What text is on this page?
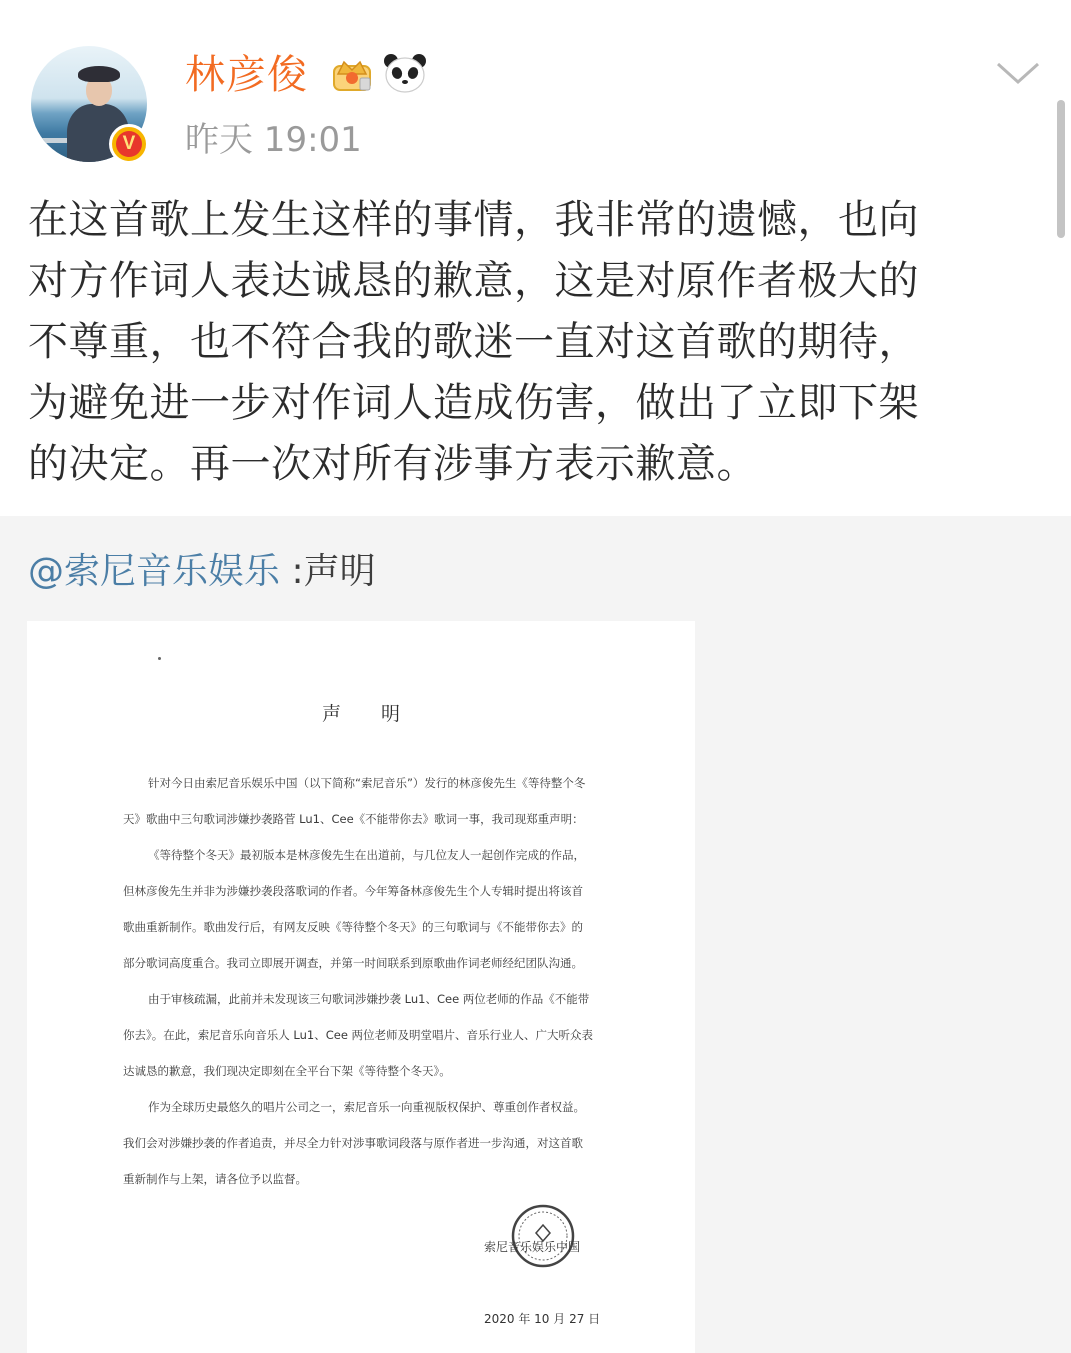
V
林彦俊
昨天 19:01
在这首歌上发生这样的事情，我非常的遗憾，也向
对方作词人表达诚恳的歉意，这是对原作者极大的
不尊重，也不符合我的歌迷一直对这首歌的期待，
为避免进一步对作词人造成伤害，做出了立即下架
的决定。再一次对所有涉事方表示歉意。
@索尼音乐娱乐 :声明
声明
针对今日由索尼音乐娱乐中国（以下简称“索尼音乐”）发行的林彦俊先生《等待整个冬
天》歌曲中三句歌词涉嫌抄袭路菅 Lu1、Cee《不能带你去》歌词一事，我司现郑重声明：
《等待整个冬天》最初版本是林彦俊先生在出道前，与几位友人一起创作完成的作品，
但林彦俊先生并非为涉嫌抄袭段落歌词的作者。今年筹备林彦俊先生个人专辑时提出将该首
歌曲重新制作。歌曲发行后，有网友反映《等待整个冬天》的三句歌词与《不能带你去》的
部分歌词高度重合。我司立即展开调查，并第一时间联系到原歌曲作词老师经纪团队沟通。
由于审核疏漏，此前并未发现该三句歌词涉嫌抄袭 Lu1、Cee 两位老师的作品《不能带
你去》。在此，索尼音乐向音乐人 Lu1、Cee 两位老师及明堂唱片、音乐行业人、广大听众表
达诚恳的歉意，我们现决定即刻在全平台下架《等待整个冬天》。
作为全球历史最悠久的唱片公司之一，索尼音乐一向重视版权保护、尊重创作者权益。
我们会对涉嫌抄袭的作者追责，并尽全力针对涉事歌词段落与原作者进一步沟通，对这首歌
重新制作与上架，请各位予以监督。
索尼音乐娱乐中国
2020 年 10 月 27 日
